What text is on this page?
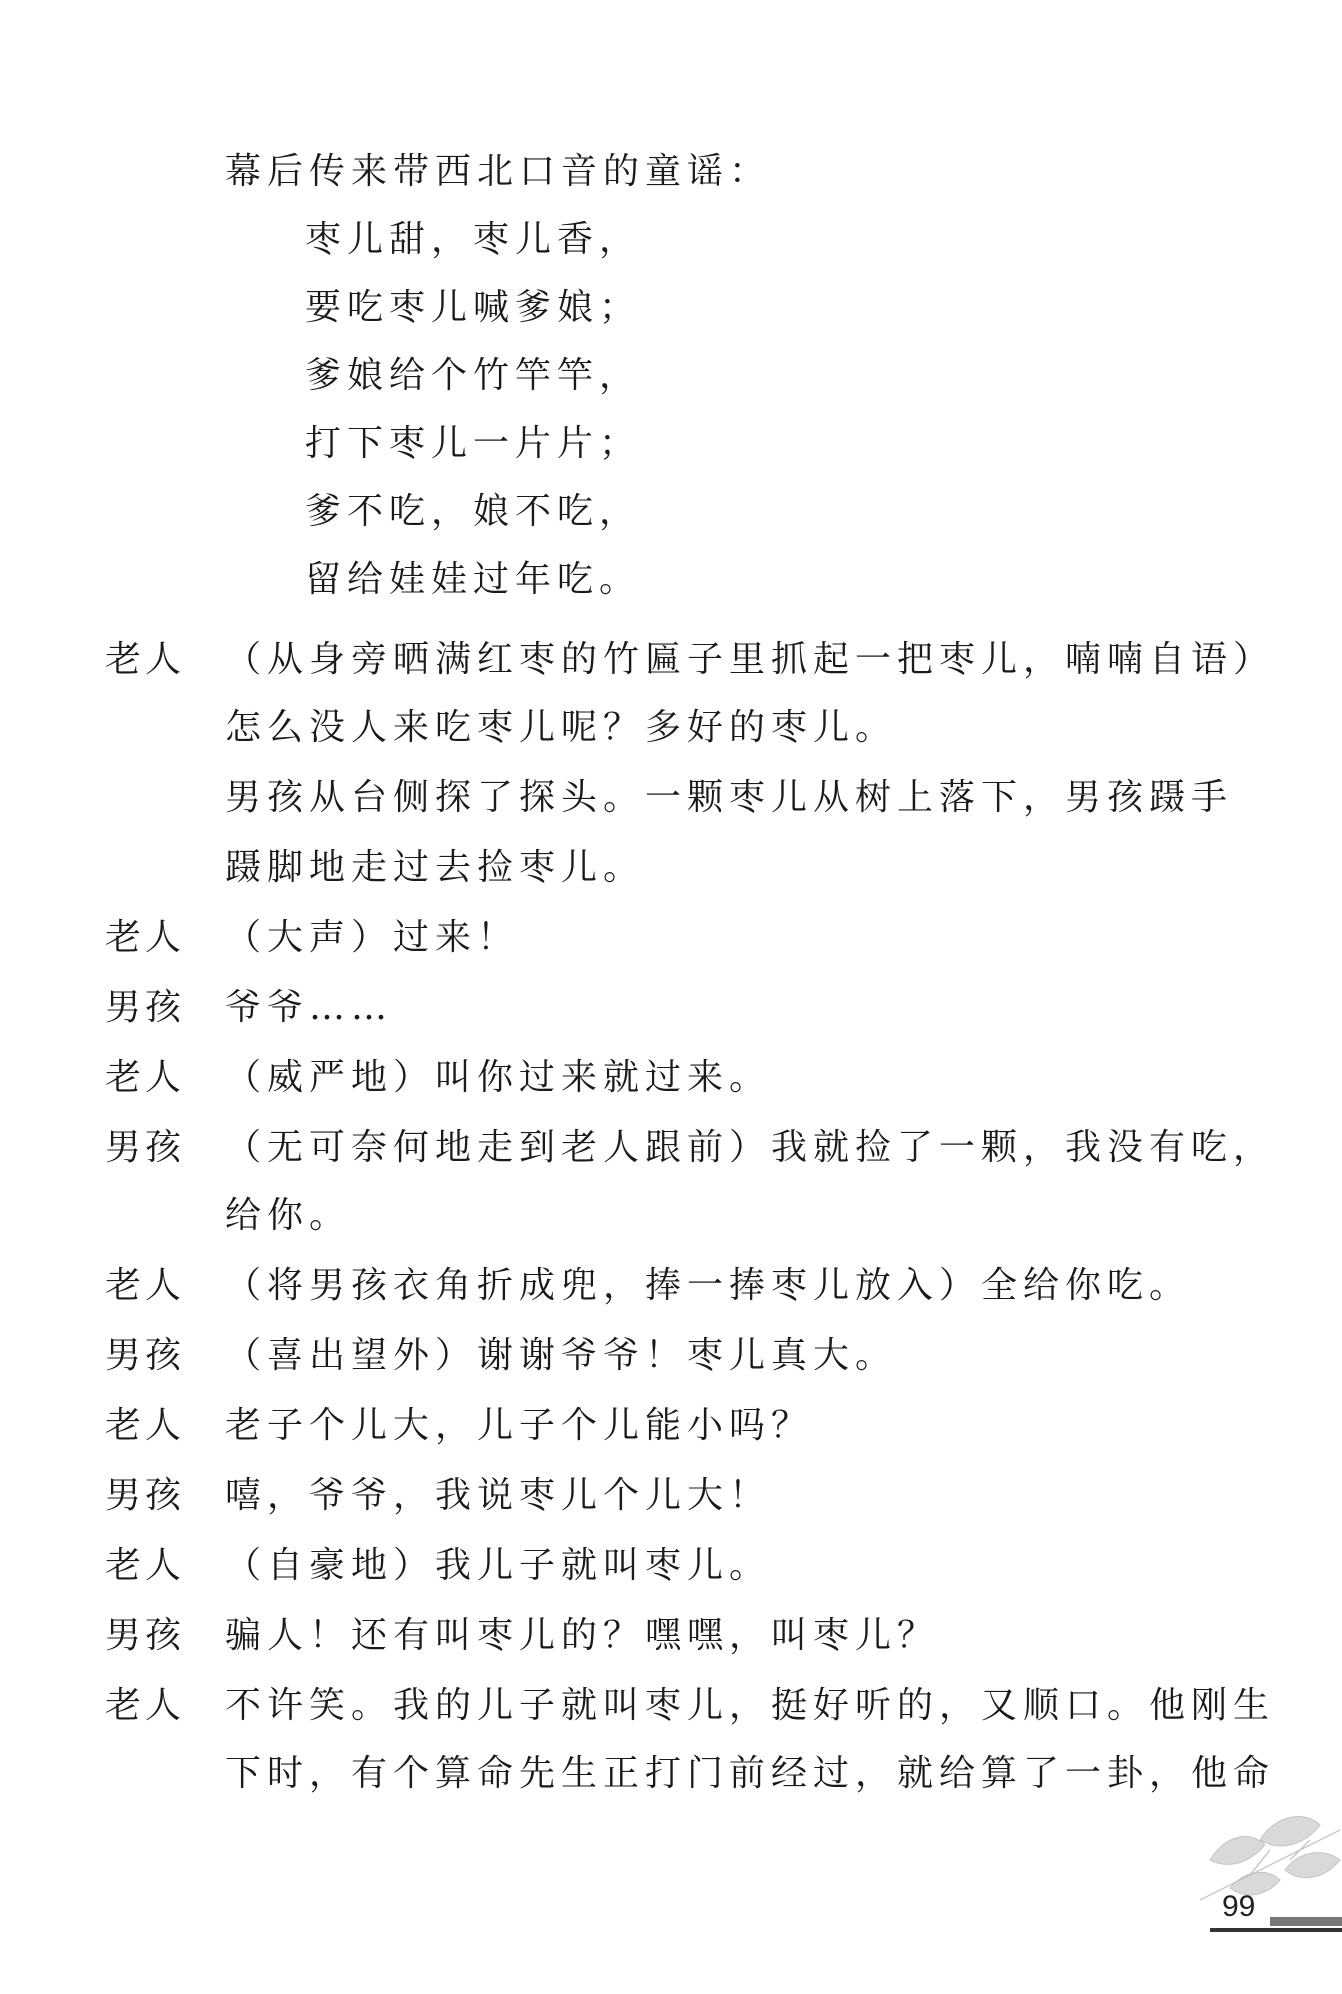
幕后传来带西北口音的童谣：
枣儿甜，枣儿香，
要吃枣儿喊爹娘；
爹娘给个竹竿竿，
打下枣儿一片片；
爹不吃，娘不吃，
留给娃娃过年吃。
老人 （从身旁晒满红枣的竹匾子里抓起一把枣儿，喃喃自语）
怎么没人来吃枣儿呢？多好的枣儿。
男孩从台侧探了探头。一颗枣儿从树上落下，男孩蹑手
蹑脚地走过去捡枣儿。
老人 （大声）过来！
男孩 爷爷……
老人 （威严地）叫你过来就过来。
男孩 （无可奈何地走到老人跟前）我就捡了一颗，我没有吃，
给你。
老人 （将男孩衣角折成兜，捧一捧枣儿放入）全给你吃。
男孩 （喜出望外）谢谢爷爷！枣儿真大。
老人 老子个儿大，儿子个儿能小吗？
男孩 嘻，爷爷，我说枣儿个儿大！
老人 （自豪地）我儿子就叫枣儿。
男孩 骗人！还有叫枣儿的？嘿嘿，叫枣儿？
老人 不许笑。我的儿子就叫枣儿，挺好听的，又顺口。他刚生
下时，有个算命先生正打门前经过，就给算了一卦，他命
99
